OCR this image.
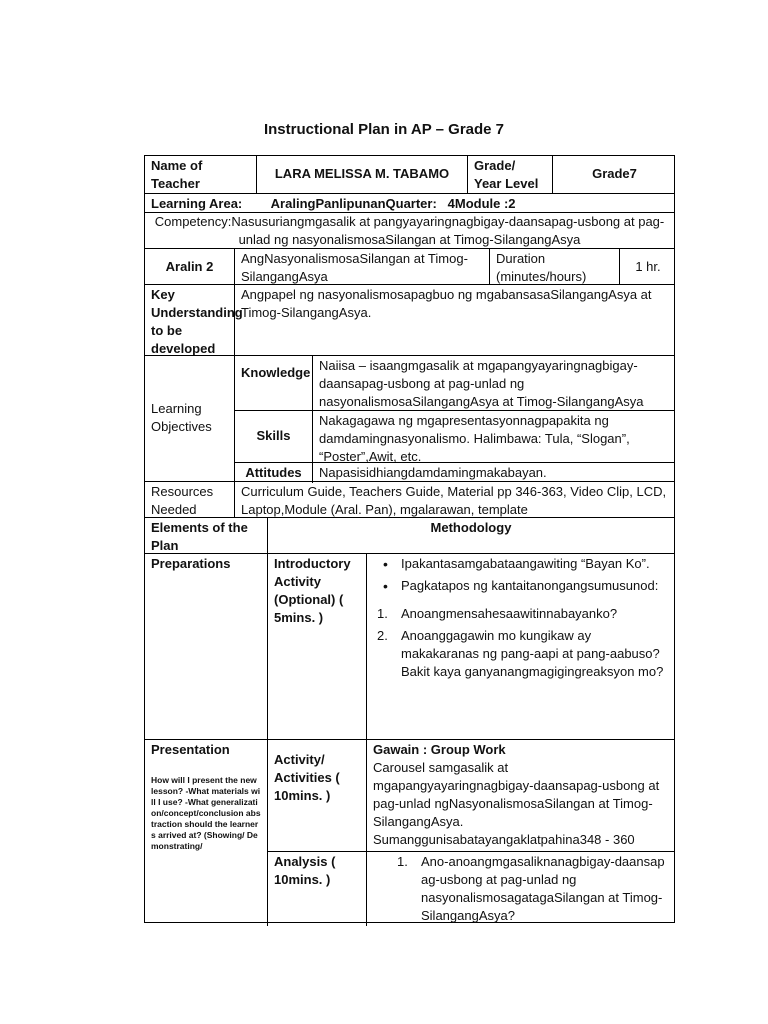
Instructional Plan in AP – Grade 7
Name of Teacher
LARA MELISSA M. TABAMO
Grade/ Year Level
Grade7
Learning Area:        AralingPanlipunanQuarter:   4Module :2
Competency:Nasusuriangmgasalik at pangyayaringnagbigay-daansapag-usbong at pag-unlad ng nasyonalismosaSilangan at Timog-SilangangAsya
Aralin 2
AngNasyonalismosaSilangan at Timog-SilangangAsya
Duration (minutes/hours)
1 hr.
Key Understanding to be developed
Angpapel ng nasyonalismosapagbuo ng mgabansasaSilangangAsya at Timog-SilangangAsya.
Learning Objectives
Knowledge Naiisa – isaangmgasalik at mgapangyayaringnagbigay-daansapag-usbong at pag-unlad ng nasyonalismosaSilangangAsya at Timog-SilangangAsya
Skills
Nakagagawa ng mgapresentasyonnagpapakita ng damdamingnasyonalismo. Halimbawa: Tula, “Slogan”, “Poster”,Awit, etc.
Attitudes	Napasisidhiangdamdamingmakabayan.
Resources Needed
Curriculum Guide, Teachers Guide, Material pp 346-363, Video Clip, LCD, Laptop,Module (Aral. Pan), mgalarawan, template
Elements of the Plan
Methodology
Preparations	Introductory Activity (Optional) ( 5mins. )
• Ipakantasamgabataangawiting “Bayan Ko”.
• Pagkatapos ng kantaitanongangsumusunod:
1. Anoangmensahesaawitinnabayanko?
2. Anoanggagawin mo kungikaw ay makakaranas ng pang-aapi at pang-aabuso? Bakit kaya ganyanangmagigingreaksyon mo?
Presentation
How will I present the new lesson? -What materials will I use? -What generalization/concept/conclusion abstraction should the learners arrived at? (Showing/ Demonstrating/
Activity/ Activities ( 10mins. )
Gawain : Group Work
Carousel samgasalik at mgapangyayaringnagbigay-daansapag-usbong at pag-unlad ngNasyonalismosaSilangan at Timog-SilangangAsya. Sumanggunisabatayangaklatpahina348 - 360
Analysis ( 10mins. )
1. Ano-anoangmgasaliknanagbigay-daansap ag-usbong at pag-unlad ng nasyonalismosagatagaSilangan at Timog-SilangangAsya?
